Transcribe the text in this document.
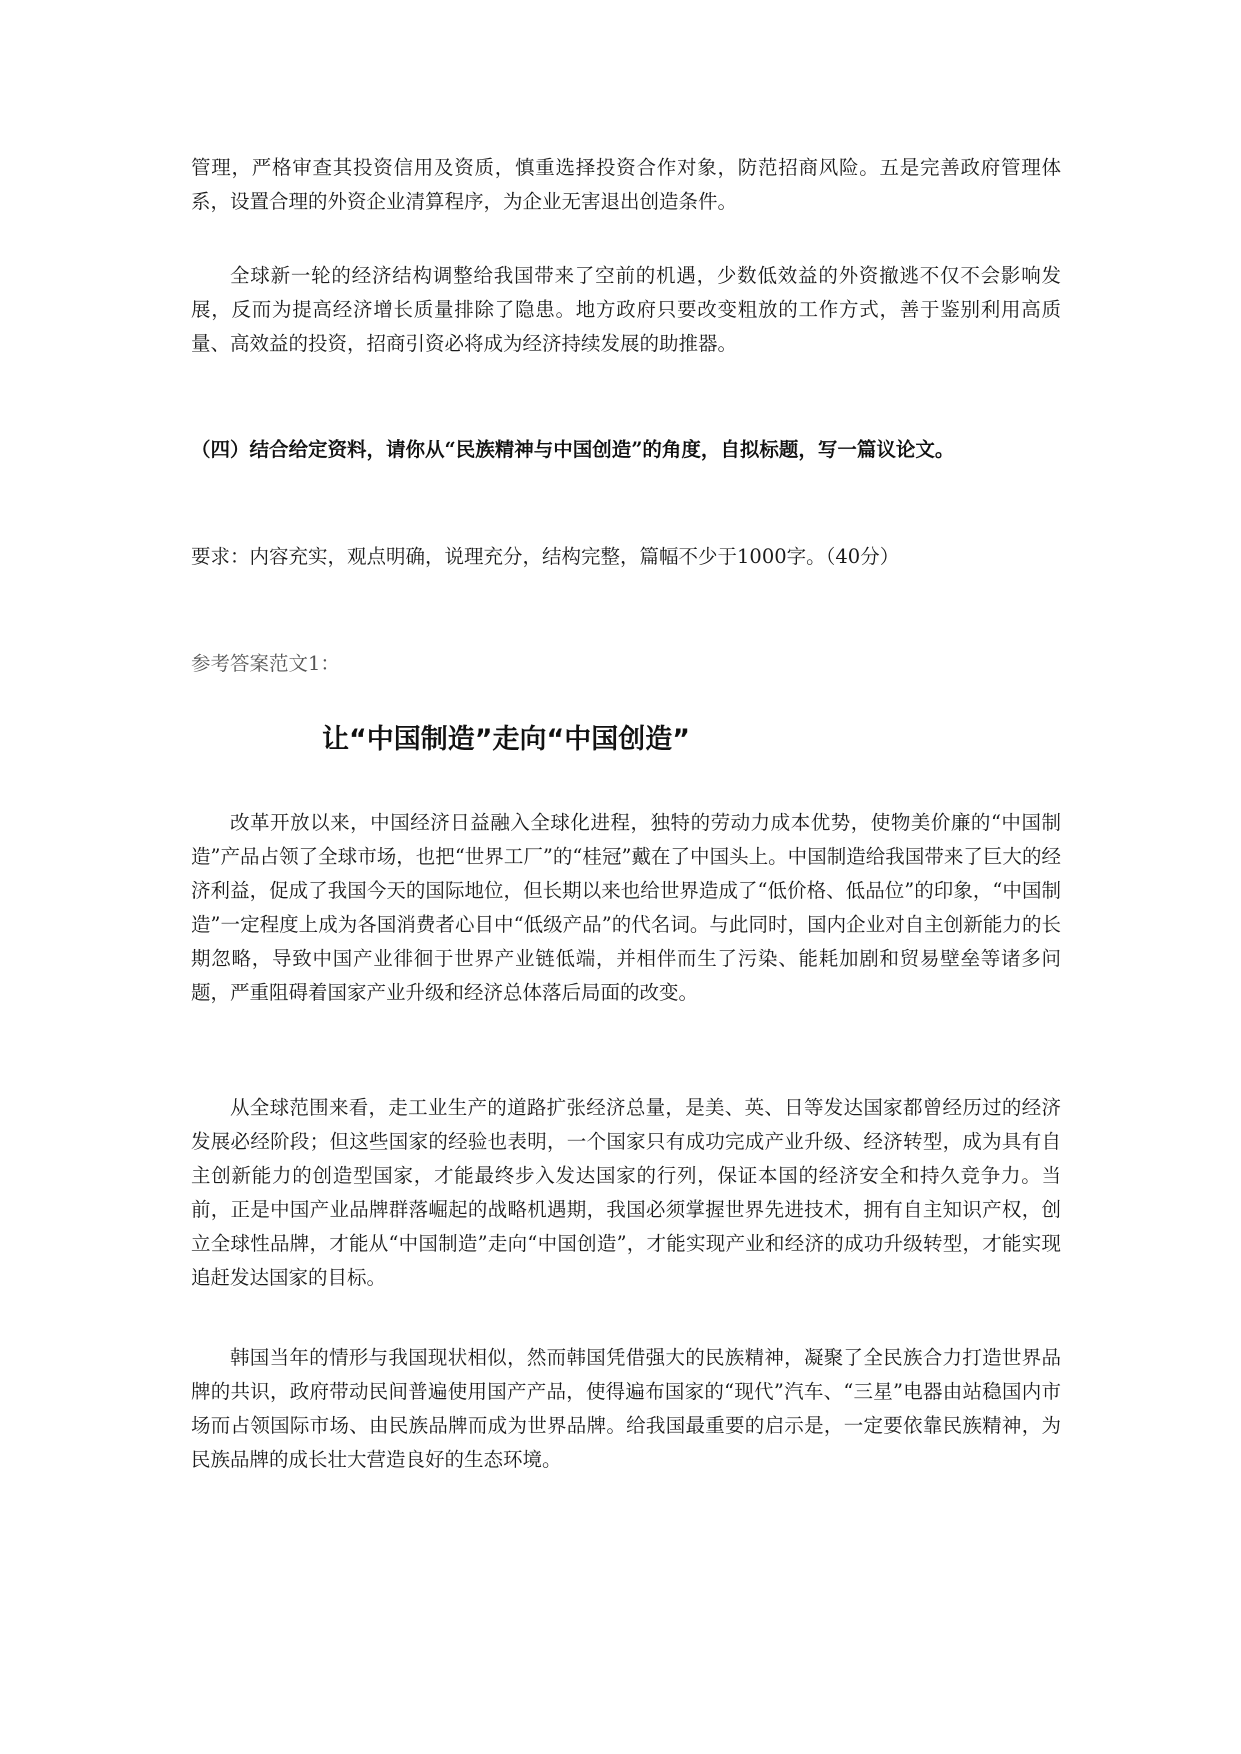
管理，严格审查其投资信用及资质，慎重选择投资合作对象，防范招商风险。五是完善政府管理体系，设置合理的外资企业清算程序，为企业无害退出创造条件。

全球新一轮的经济结构调整给我国带来了空前的机遇，少数低效益的外资撤逃不仅不会影响发展，反而为提高经济增长质量排除了隐患。地方政府只要改变粗放的工作方式，善于鉴别利用高质量、高效益的投资，招商引资必将成为经济持续发展的助推器。

（四）结合给定资料，请你从“民族精神与中国创造”的角度，自拟标题，写一篇议论文。

要求：内容充实，观点明确，说理充分，结构完整，篇幅不少于1000字。（40分）

参考答案范文1：

让“中国制造”走向“中国创造”

改革开放以来，中国经济日益融入全球化进程，独特的劳动力成本优势，使物美价廉的“中国制造”产品占领了全球市场，也把“世界工厂”的“桂冠”戴在了中国头上。中国制造给我国带来了巨大的经济利益，促成了我国今天的国际地位，但长期以来也给世界造成了“低价格、低品位”的印象，“中国制造”一定程度上成为各国消费者心目中“低级产品”的代名词。与此同时，国内企业对自主创新能力的长期忽略，导致中国产业徘徊于世界产业链低端，并相伴而生了污染、能耗加剧和贸易壁垒等诸多问题，严重阻碍着国家产业升级和经济总体落后局面的改变。

从全球范围来看，走工业生产的道路扩张经济总量，是美、英、日等发达国家都曾经历过的经济发展必经阶段；但这些国家的经验也表明，一个国家只有成功完成产业升级、经济转型，成为具有自主创新能力的创造型国家，才能最终步入发达国家的行列，保证本国的经济安全和持久竞争力。当前，正是中国产业品牌群落崛起的战略机遇期，我国必须掌握世界先进技术，拥有自主知识产权，创立全球性品牌，才能从“中国制造”走向“中国创造”，才能实现产业和经济的成功升级转型，才能实现追赶发达国家的目标。

韩国当年的情形与我国现状相似，然而韩国凭借强大的民族精神，凝聚了全民族合力打造世界品牌的共识，政府带动民间普遍使用国产产品，使得遍布国家的“现代”汽车、“三星”电器由站稳国内市场而占领国际市场、由民族品牌而成为世界品牌。给我国最重要的启示是，一定要依靠民族精神，为民族品牌的成长壮大营造良好的生态环境。
